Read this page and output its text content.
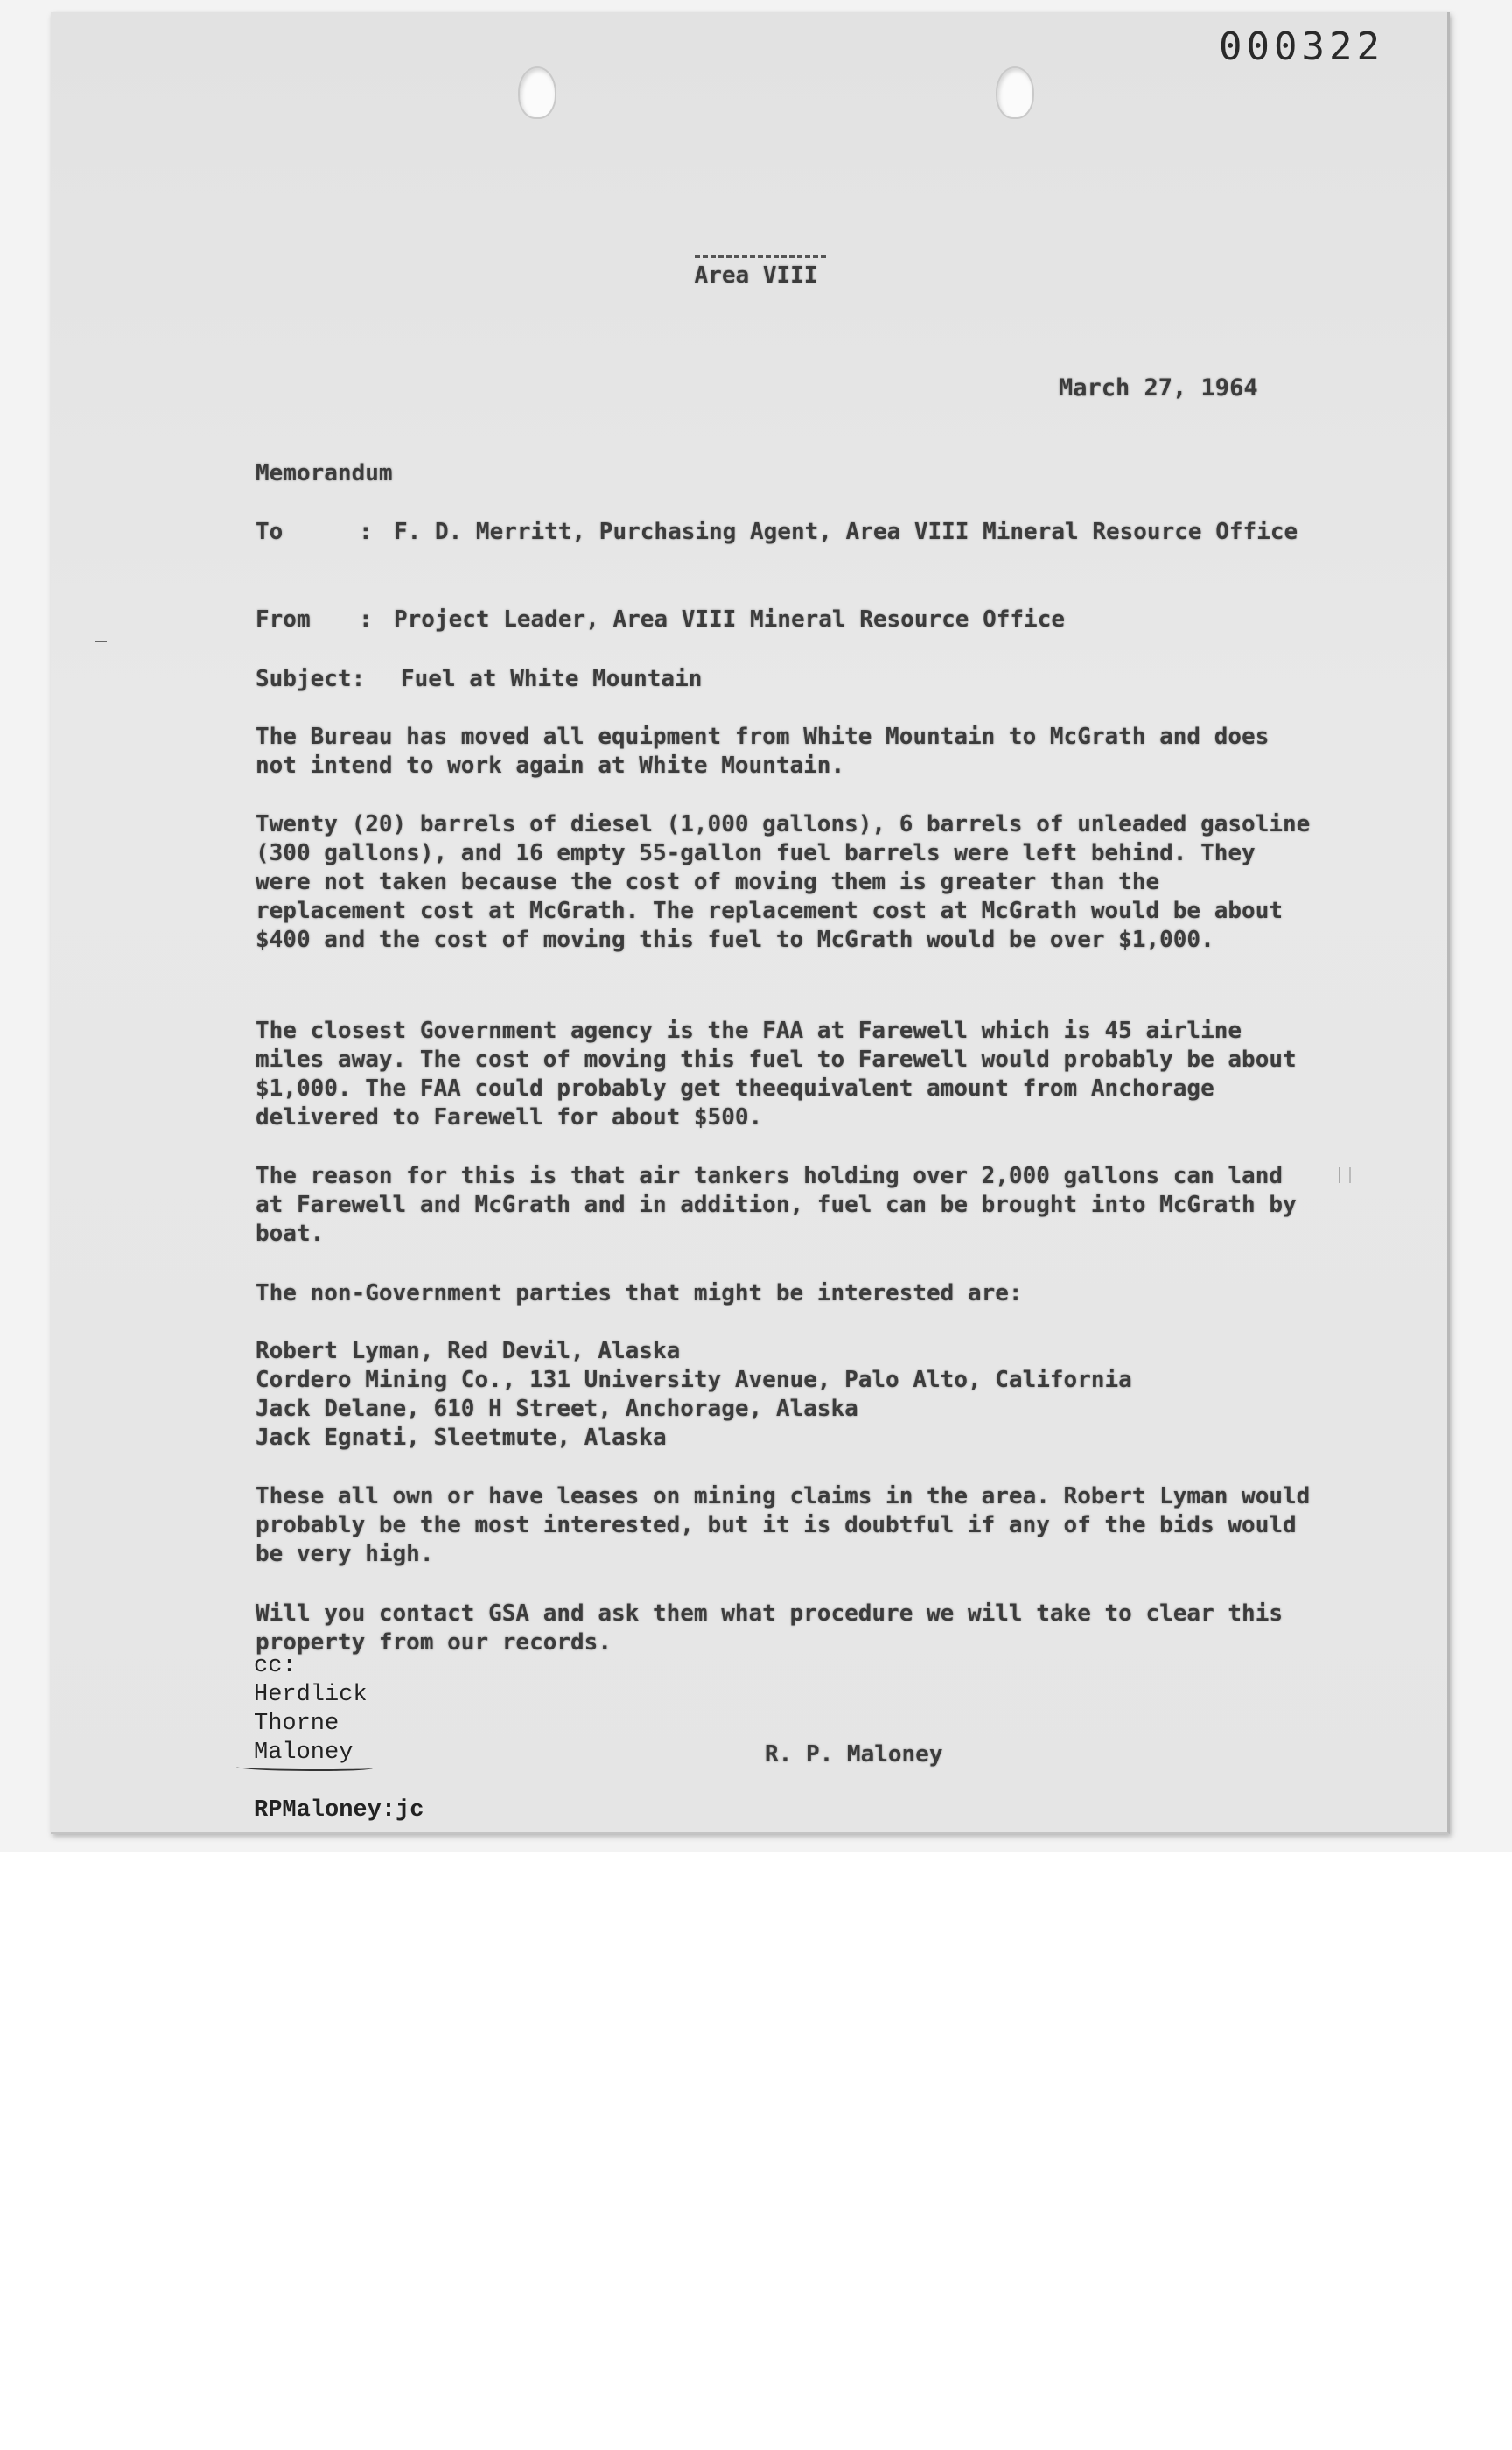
000322
Area VIII
March 27, 1964
Memorandum
To	: F. D. Merritt, Purchasing Agent, Area VIII Mineral Resource Office
From	: Project Leader, Area VIII Mineral Resource Office
Subject:	Fuel at White Mountain

The Bureau has moved all equipment from White Mountain to McGrath and does not intend to work again at White Mountain.

Twenty (20) barrels of diesel (1,000 gallons), 6 barrels of unleaded gasoline (300 gallons), and 16 empty 55-gallon fuel barrels were left behind. They were not taken because the cost of moving them is greater than the replacement cost at McGrath. The replacement cost at McGrath would be about $400 and the cost of moving this fuel to McGrath would be over $1,000.

The closest Government agency is the FAA at Farewell which is 45 airline miles away. The cost of moving this fuel to Farewell would probably be about $1,000. The FAA could probably get theequivalent amount from Anchorage delivered to Farewell for about $500.

The reason for this is that air tankers holding over 2,000 gallons can land at Farewell and McGrath and in addition, fuel can be brought into McGrath by boat.

The non-Government parties that might be interested are:

Robert Lyman, Red Devil, Alaska
Cordero Mining Co., 131 University Avenue, Palo Alto, California
Jack Delane, 610 H Street, Anchorage, Alaska
Jack Egnati, Sleetmute, Alaska

These all own or have leases on mining claims in the area. Robert Lyman would probably be the most interested, but it is doubtful if any of the bids would be very high.

Will you contact GSA and ask them what procedure we will take to clear this property from our records.

cc:
Herdlick
Thorne
Maloney	R. P. Maloney
RPMaloney:jc
